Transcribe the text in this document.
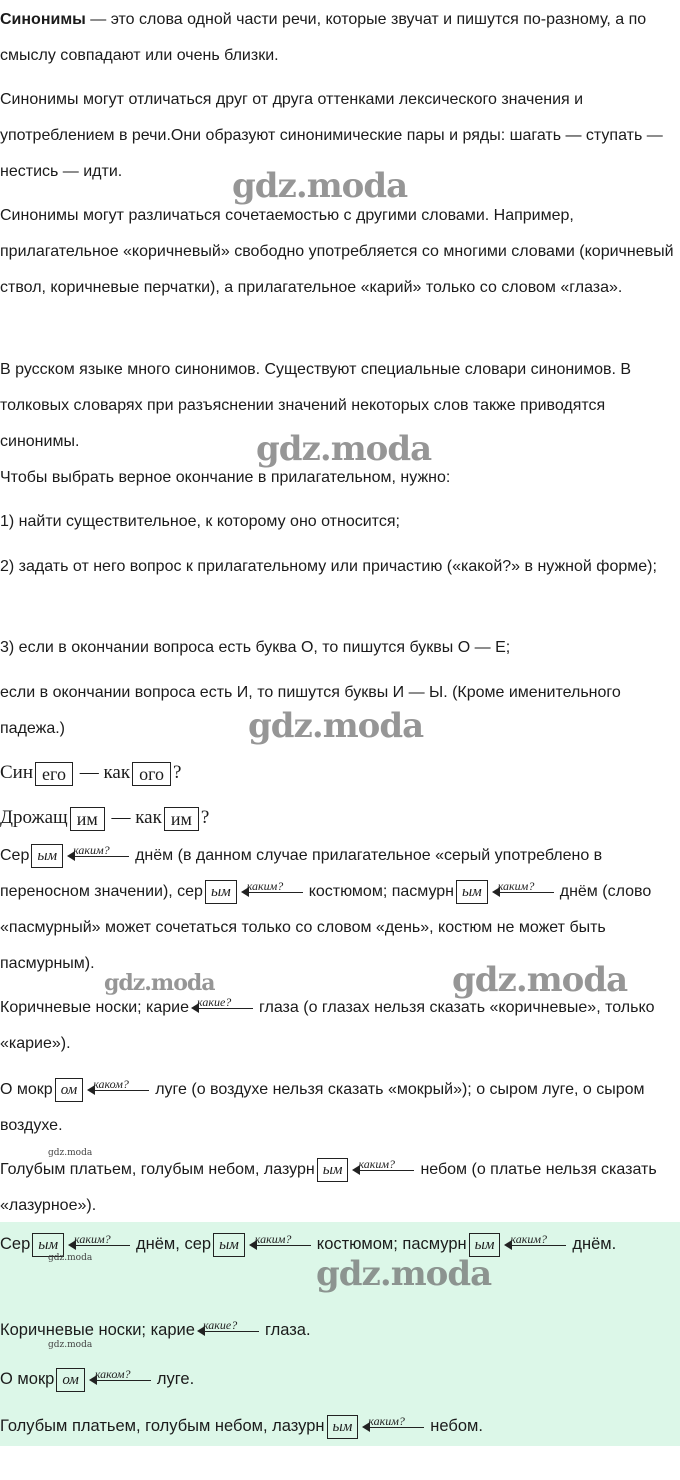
Синонимы — это слова одной части речи, которые звучат и пишутся по-разному, а по смыслу совпадают или очень близки.

Синонимы могут отличаться друг от друга оттенками лексического значения и употреблением в речи.Они образуют синонимические пары и ряды: шагать — ступать — нестись — идти.

Синонимы могут различаться сочетаемостью с другими словами. Например, прилагательное «коричневый» свободно употребляется со многими словами (коричневый ствол, коричневые перчатки), а прилагательное «карий» только со словом «глаза».

В русском языке много синонимов. Существуют специальные словари синонимов. В толковых словарях при разъяснении значений некоторых слов также приводятся синонимы.

Чтобы выбрать верное окончание в прилагательном, нужно:

1) найти существительное, к которому оно относится;

2) задать от него вопрос к прилагательному или причастию («какой?» в нужной форме);

3) если в окончании вопроса есть буква О, то пишутся буквы О — Е;

если в окончании вопроса есть И, то пишутся буквы И — Ы. (Кроме именительного падежа.)

Син его — как ого ?

Дрожащ им — как им ?

Сер ым каким? днём (в данном случае прилагательное «серый употреблено в переносном значении), сер ым каким? костюмом; пасмурн ым каким? днём (слово «пасмурный» может сочетаться только со словом «день», костюм не может быть пасмурным).

Коричневые носки; карие какие? глаза (о глазах нельзя сказать «коричневые», только «карие»).

О мокр ом каком? луге (о воздухе нельзя сказать «мокрый»); о сыром луге, о сыром воздухе.

Голубым платьем, голубым небом, лазурн ым каким? небом (о платье нельзя сказать «лазурное»).

Сер ым каким? днём, сер ым каким? костюмом; пасмурн ым каким? днём.

Коричневые носки; карие какие? глаза.

О мокр ом каком? луге.

Голубым платьем, голубым небом, лазурн ым каким? небом.

gdz.moda
gdz.moda
gdz.moda
gdz.moda
gdz.moda
gdz.moda
gdz.moda
gdz.moda
gdz.moda
